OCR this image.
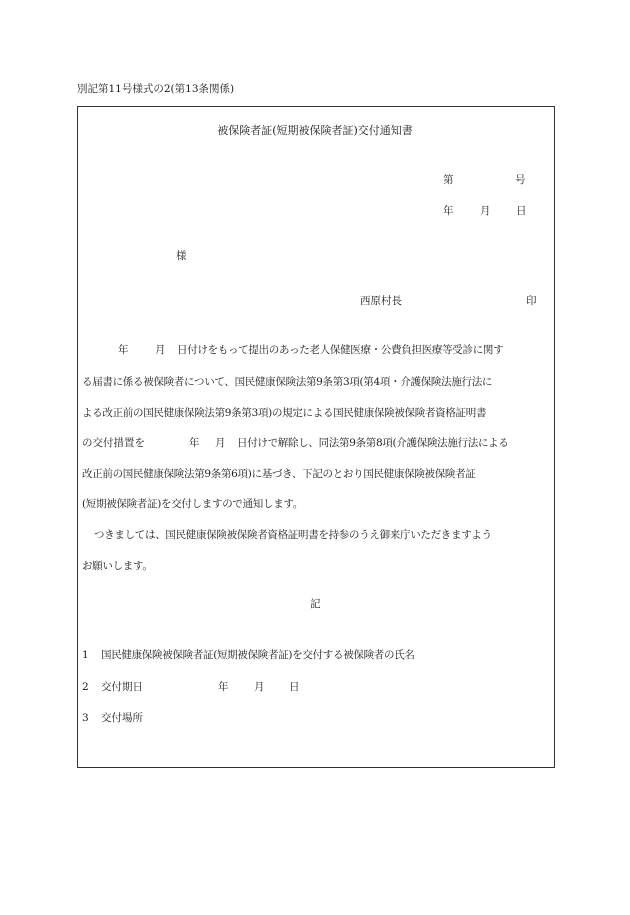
別記第11号様式の2(第13条関係)
被保険者証(短期被保険者証)交付通知書
第	号
年	月 日
様
西原村長	印
年	月 日付けをもって提出のあった老人保健医療・公費負担医療等受診に関す
る届書に係る被保険者について、国民健康保険法第9条第3項(第4項・介護保険法施行法に
よる改正前の国民健康保険法第9条第3項)の規定による国民健康保険被保険者資格証明書
の交付措置を	年 月 日付けで解除し、同法第9条第8項(介護保険法施行法による
改正前の国民健康保険法第9条第6項)に基づき、下記のとおり国民健康保険被保険者証
(短期被保険者証)を交付しますので通知します。
つきましては、国民健康保険被保険者資格証明書を持参のうえ御来庁いただきますよう
お願いします。
記
1 国民健康保険被保険者証(短期被保険者証)を交付する被保険者の氏名
2 交付期日	年 月 日
3 交付場所
